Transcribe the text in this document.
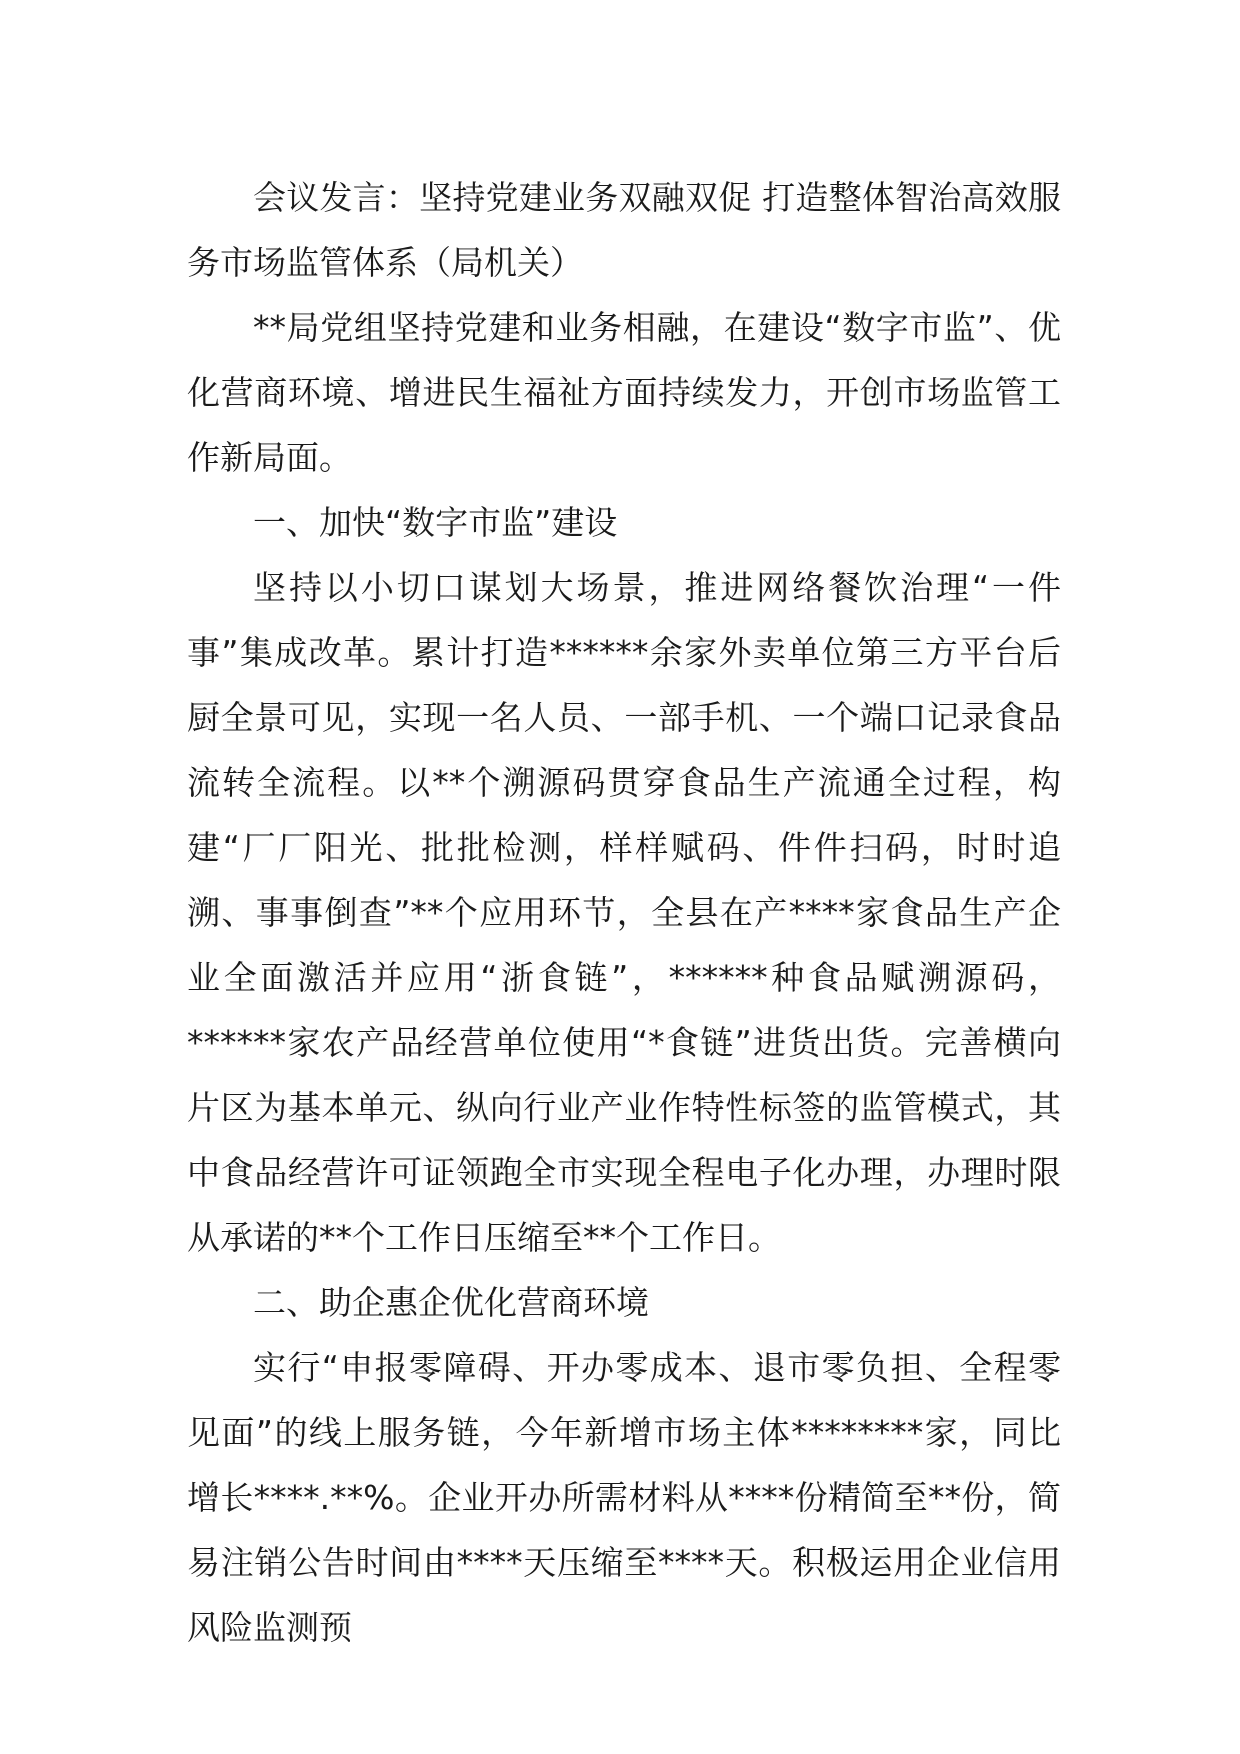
会议发言：坚持党建业务双融双促 打造整体智治高效服务市场监管体系（局机关）

**局党组坚持党建和业务相融，在建设“数字市监”、优化营商环境、增进民生福祉方面持续发力，开创市场监管工作新局面。

一、加快“数字市监”建设

坚持以小切口谋划大场景，推进网络餐饮治理“一件事”集成改革。累计打造******余家外卖单位第三方平台后厨全景可见，实现一名人员、一部手机、一个端口记录食品流转全流程。以**个溯源码贯穿食品生产流通全过程，构建“厂厂阳光、批批检测，样样赋码、件件扫码，时时追溯、事事倒查”**个应用环节，全县在产****家食品生产企业全面激活并应用“浙食链”，******种食品赋溯源码，******家农产品经营单位使用“*食链”进货出货。完善横向片区为基本单元、纵向行业产业作特性标签的监管模式，其中食品经营许可证领跑全市实现全程电子化办理，办理时限从承诺的**个工作日压缩至**个工作日。

二、助企惠企优化营商环境

实行“申报零障碍、开办零成本、退市零负担、全程零见面”的线上服务链，今年新增市场主体********家，同比增长****.**%。企业开办所需材料从****份精简至**份，简易注销公告时间由****天压缩至****天。积极运用企业信用风险监测预
